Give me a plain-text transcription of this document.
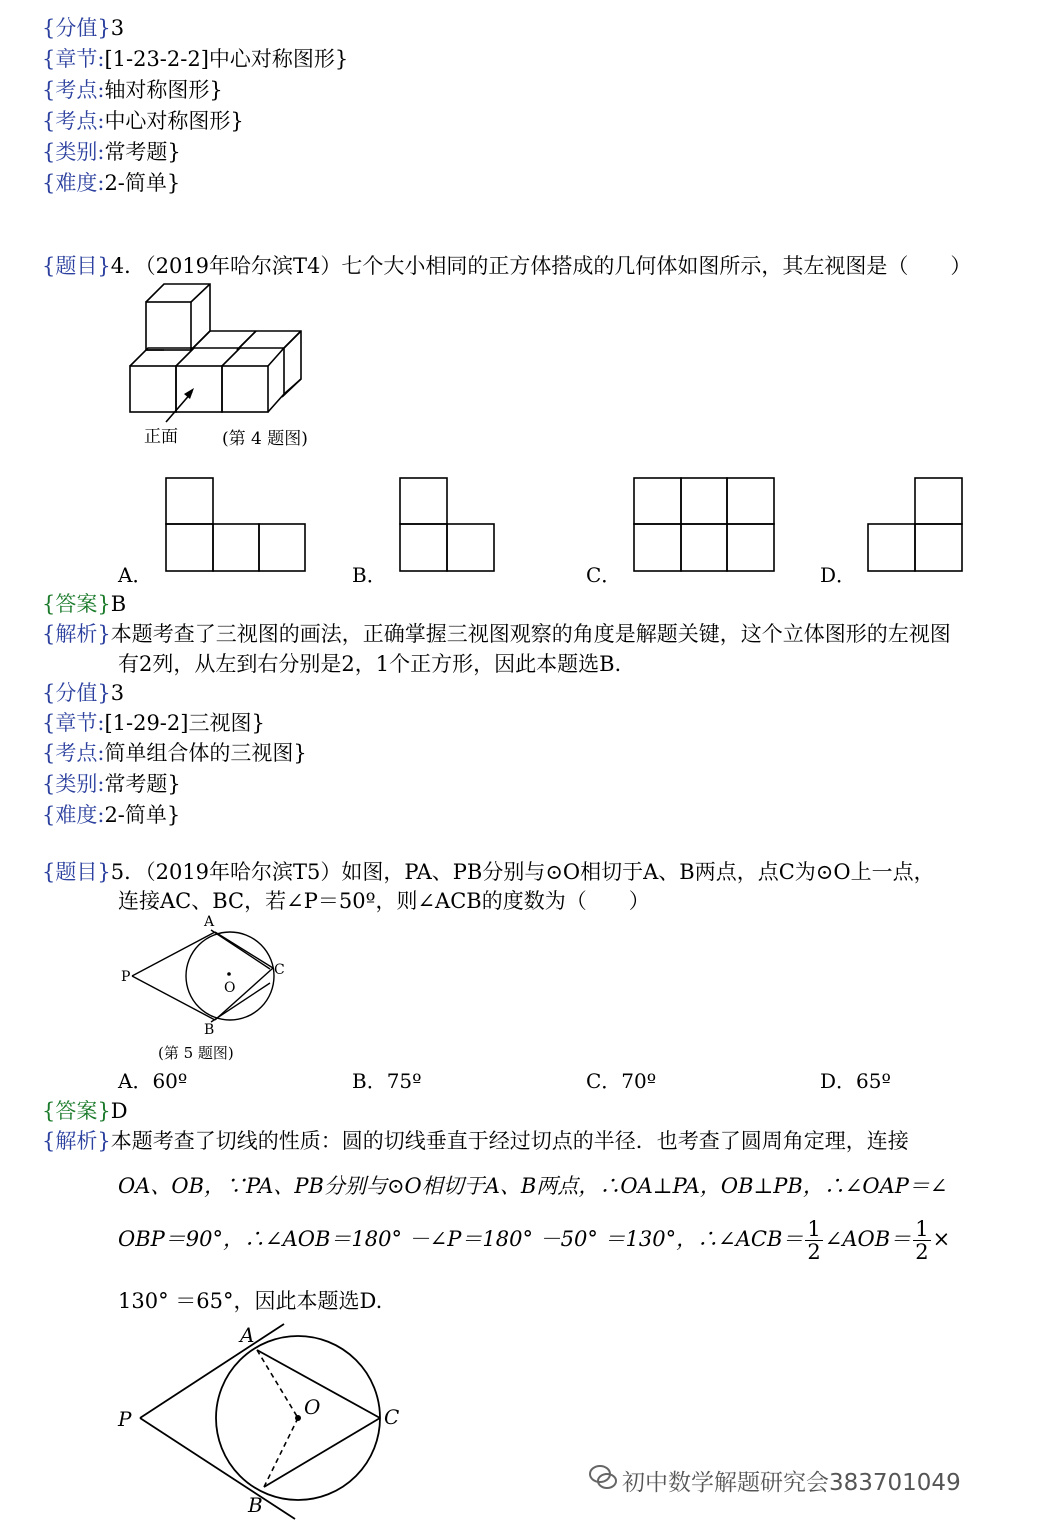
{分值}3
{章节:[1-23-2-2]中心对称图形}
{考点:轴对称图形}
{考点:中心对称图形}
{类别:常考题}
{难度:2-简单}
{题目}4．（2019年哈尔滨T4）七个大小相同的正方体搭成的几何体如图所示，其左视图是（　　）
正面	(第 4 题图)
A．	B．	C．	D．
{答案}B
{解析}本题考查了三视图的画法，正确掌握三视图观察的角度是解题关键，这个立体图形的左视图
有2列，从左到右分别是2，1个正方形，因此本题选B.
{分值}3
{章节:[1-29-2]三视图}
{考点:简单组合体的三视图}
{类别:常考题}
{难度:2-简单}
{题目}5．（2019年哈尔滨T5）如图，PA、PB分别与⊙O相切于A、B两点，点C为⊙O上一点，
连接AC、BC，若∠P＝50º，则∠ACB的度数为（　　）
A
P	C
O
B
(第 5 题图)
A．60º	B．75º	C．70º	D．65º
{答案}D
{解析}本题考查了切线的性质：圆的切线垂直于经过切点的半径．也考查了圆周角定理，连接
OA、OB，∵PA、PB分别与⊙O相切于A、B两点，∴OA⊥PA，OB⊥PB，∴∠OAP＝∠
OBP＝90°，∴∠AOB＝180° －∠P＝180° －50° ＝130°，∴∠ACB＝ $\frac{1}{2}$ ∠AOB＝ $\frac{1}{2}$ ×
130° ＝65°，因此本题选D.
A
P	O	C
B
初中数学解题研究会383701049
